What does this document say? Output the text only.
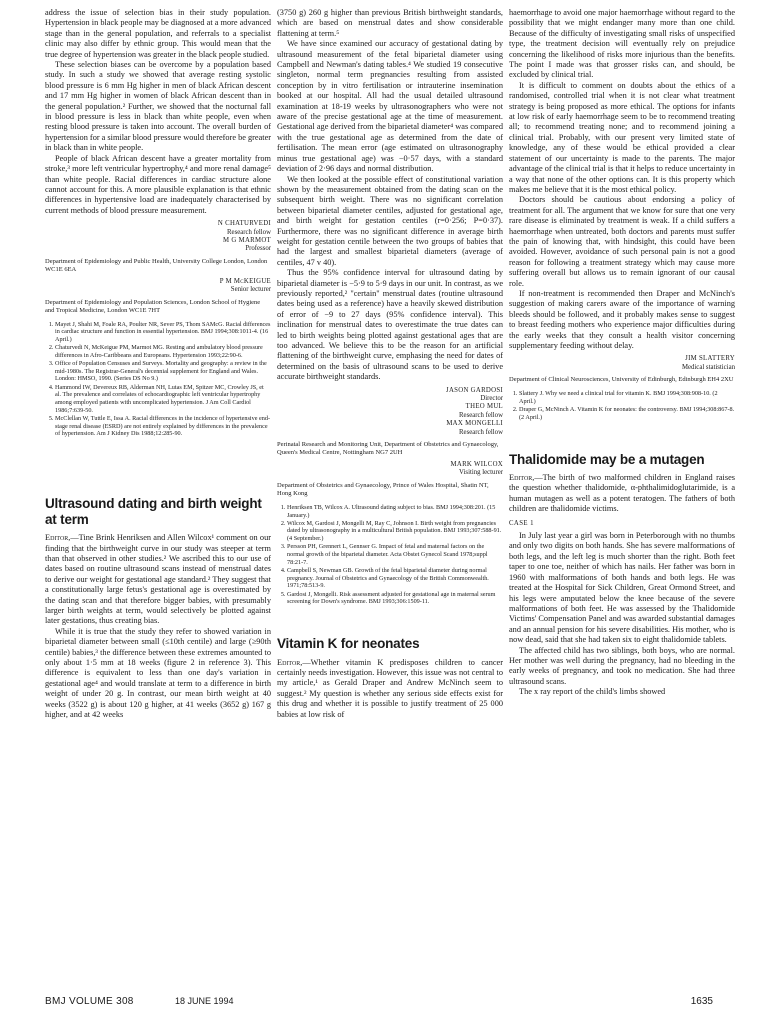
address the issue of selection bias in their study population. Hypertension in black people may be diagnosed at a more advanced stage than in the general population, and referrals to a specialist clinic may also differ by ethnic group. This would mean that the true degree of hypertension was greater in the black people studied.

These selection biases can be overcome by a population based study. In such a study we showed that average resting systolic blood pressure is 6 mm Hg higher in men of black African descent and 17 mm Hg higher in women of black African descent than in the general population.² Further, we showed that the nocturnal fall in blood pressure is less in black than white people, even when resting blood pressure is taken into account. The overall burden of hypertension for a similar blood pressure would therefore be greater in black than in white people.

People of black African descent have a greater mortality from stroke,³ more left ventricular hypertrophy,⁴ and more renal damage⁵ than white people. Racial differences in cardiac structure alone cannot account for this. A more plausible explanation is that ethnic differences in hypertensive load are inadequately characterised by current methods of blood pressure measurement.

N CHATURVEDI
Research fellow
M G MARMOT
Professor
Department of Epidemiology and Public Health, University College London, London WC1E 6EA
P M McKEIGUE
Senior lecturer
Department of Epidemiology and Population Sciences, London School of Hygiene and Tropical Medicine, London WC1E 7HT
1. Mayet J, Shahi M, Foale RA, Poulter NR, Sever PS, Thom SAMcG. Racial differences in cardiac structure and function in essential hypertension. BMJ 1994;308:1011-4. (16 April.)
2. Chaturvedi N, McKeigue PM, Marmot MG. Resting and ambulatory blood pressure differences in Afro-Caribbeans and Europeans. Hypertension 1993;22:90-6.
3. Office of Population Censuses and Surveys. Mortality and geography: a review in the mid-1980s. The Registrar-General's decennial supplement for England and Wales. London: HMSO, 1990. (Series DS No 9.)
4. Hammond IW, Devereux RB, Alderman NH, Lutas EM, Spitzer MC, Crowley JS, et al. The prevalence and correlates of echocardiographic left ventricular hypertrophy among employed patients with uncomplicated hypertension. J Am Coll Cardiol 1986;7:639-50.
5. McClellan W, Tuttle E, Issa A. Racial differences in the incidence of hypertensive end-stage renal disease (ESRD) are not entirely explained by differences in the prevalence of hypertension. Am J Kidney Dis 1988;12:285-90.
Ultrasound dating and birth weight at term

Editor,—Tine Brink Henriksen and Allen Wilcox¹ comment on our finding that the birthweight curve in our study was steeper at term than that observed in other studies.² We ascribed this to our use of dates based on routine ultrasound scans instead of menstrual dates to derive our weight for gestational age standard.² They suggest that a constitutionally large fetus's gestational age is overestimated by the dating scan and that therefore bigger babies, with presumably larger birth weights at term, would selectively be plotted against later gestations, thus creating bias.

While it is true that the study they refer to showed variation in biparietal diameter between small (≤10th centile) and large (≥90th centile) babies,³ the difference between these extremes amounted to only about 1·5 mm at 18 weeks (figure 2 in reference 3). This difference is equivalent to less than one day's variation in gestational age⁴ and would translate at term to a difference in birth weight of under 20 g. In contrast, our mean birth weight at 40 weeks (3522 g) is about 120 g higher, at 41 weeks (3652 g) 167 g higher, and at 42 weeks

(3750 g) 260 g higher than previous British birthweight standards, which are based on menstrual dates and show considerable flattening at term.⁵

We have since examined our accuracy of gestational dating by ultrasound measurement of the fetal biparietal diameter using Campbell and Newman's dating tables.⁴ We studied 19 consecutive singleton, normal term pregnancies resulting from assisted conception by in vitro fertilisation or intrauterine insemination booked at our hospital. All had the usual detailed ultrasound examination at 18-19 weeks by ultrasonographers who were not aware of the precise gestational age at the time of measurement. Gestational age derived from the biparietal diameter⁴ was compared with the true gestational age as determined from the date of fertilisation. The mean error (age estimated on ultrasonography minus true gestational age) was −0·57 days, with a standard deviation of 2·96 days and normal distribution.

We then looked at the possible effect of constitutional variation shown by the measurement obtained from the dating scan on the subsequent birth weight. There was no significant correlation between biparietal diameter centiles, adjusted for gestational age, and birth weight for gestation centiles (r=0·256; P=0·37). Furthermore, there was no significant difference in average birth weight for gestation centile between the two groups of babies that had the largest and smallest biparietal diameters (average of centiles, 47 v 40).

Thus the 95% confidence interval for ultrasound dating by biparietal diameter is −5·9 to 5·9 days in our unit. In contrast, as we previously reported,² "certain" menstrual dates (routine ultrasound dates being used as a reference) have a heavily skewed distribution of error of −9 to 27 days (95% confidence interval). This inclination for menstrual dates to overestimate the true dates can led to birth weights being plotted against gestational ages that are too advanced. We believe this to be the reason for an artificial flattening of the birthweight curve, emphasing the need for dates of determined on the basis of ultrasound scans to be used to derive accurate birthweight standards.

JASON GARDOSI
Director
THEO MUL
Research fellow
MAX MONGELLI
Research fellow
Perinatal Research and Monitoring Unit, Department of Obstetrics and Gynaecology, Queen's Medical Centre, Nottingham NG7 2UH
MARK WILCOX
Visiting lecturer
Department of Obstetrics and Gynaecology, Prince of Wales Hospital, Shatin NT, Hong Kong
1. Henriksen TB, Wilcox A. Ultrasound dating subject to bias. BMJ 1994;308:201. (15 January.)
2. Wilcox M, Gardosi J, Mongelli M, Ray C, Johnson I. Birth weight from pregnancies dated by ultrasonography in a multicultural British population. BMJ 1993;307:588-91. (4 September.)
3. Persson PH, Grennert L, Gennser G. Impact of fetal and maternal factors on the normal growth of the biparietal diameter. Acta Obstet Gynecol Scand 1978;suppl 78:21-7.
4. Campbell S, Newman GB. Growth of the fetal biparietal diameter during normal pregnancy. Journal of Obstetrics and Gynaecology of the British Commonwealth. 1971;78:513-9.
5. Gardosi J, Mongelli. Risk assessment adjusted for gestational age in maternal serum screening for Down's syndrome. BMJ 1993;306:1509-11.
Vitamin K for neonates

Editor,—Whether vitamin K predisposes children to cancer certainly needs investigation. However, this issue was not central to my article,¹ as Gerald Draper and Andrew McNinch seem to suggest.² My question is whether any serious side effects exist for this drug and whether it is possible to justify treatment of 25 000 babies at low risk of

haemorrhage to avoid one major haemorrhage without regard to the possibility that we might endanger many more than one child. Because of the difficulty of investigating small risks of unspecified type, the treatment decision will eventually rely on prejudice concerning the likelihood of risks more injurious than the benefits. The point I made was that grosser risks can, and should, be excluded by clinical trial.

It is difficult to comment on doubts about the ethics of a randomised, controlled trial when it is not clear what treatment strategy is being proposed as more ethical. The options for infants at low risk of early haemorrhage seem to be to recommend treating all; to recommend treating none; and to recommend joining a clinical trial. Probably, with our present very limited state of knowledge, any of these would be ethical provided a clear statement of our uncertainty is made to the parents. The major advantage of the clinical trial is that it helps to reduce uncertainty in a way that none of the other options can. It is this property which makes me believe that it is the most ethical policy.

Doctors should be cautious about endorsing a policy of treatment for all. The argument that we know for sure that one very rare disease is eliminated by treatment is weak. If a child suffers a haemorrhage when untreated, both doctors and parents must suffer the pain of knowing that, with hindsight, this could have been avoided. However, avoidance of such personal pain is not a good reason for following a treatment strategy which may cause more suffering overall but allows us to remain ignorant of our causal role.

If non-treatment is recommended then Draper and McNinch's suggestion of making carers aware of the importance of warning bleeds should be followed, and it probably makes sense to suggest to breast feeding mothers who experience major difficulties during the early weeks that they consult a health visitor concerning supplementary feeding without delay.

JIM SLATTERY
Medical statistician
Department of Clinical Neurosciences, University of Edinburgh, Edinburgh EH4 2XU
1. Slattery J. Why we need a clinical trial for vitamin K. BMJ 1994;308:908-10. (2 April.)
2. Draper G, McNinch A. Vitamin K for neonates: the controversy. BMJ 1994;308:867-8. (2 April.)
Thalidomide may be a mutagen

Editor,—The birth of two malformed children in England raises the question whether thalidomide, α-phthalimidoglutarimide, is a human mutagen as well as a potent teratogen. The fathers of both children are thalidomide victims.

CASE 1

In July last year a girl was born in Peterborough with no thumbs and only two digits on both hands. She has severe malformations of both legs, and the left leg is much shorter than the right. Both feet taper to one toe, neither of which has nails. Her father was born in 1960 with malformations of both hands and both legs. He was treated at the Hospital for Sick Children, Great Ormond Street, and his legs were amputated below the knee because of the severe malformations of both feet. He was assessed by the Thalidomide Victims' Compensation Panel and was awarded substantial damages and an annual pension for his severe disabilities. His mother, who is now dead, said that she had taken six to eight thalidomide tablets.

The affected child has two siblings, both boys, who are normal. Her mother was well during the pregnancy, had no bleeding in the early weeks of pregnancy, and took no medication. She had three ultrasound scans.

The x ray report of the child's limbs showed

BMJ VOLUME 308	18 JUNE 1994	1635
